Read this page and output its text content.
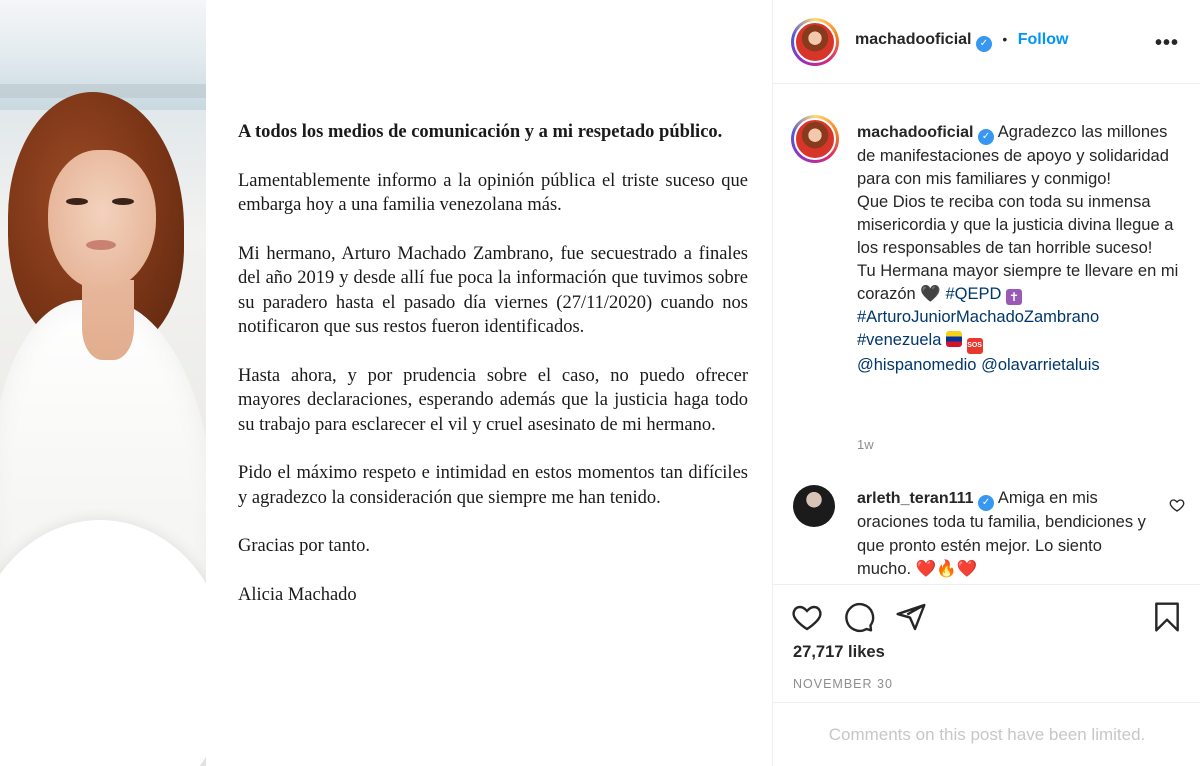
A todos los medios de comunicación y a mi respetado público.

Lamentablemente informo a la opinión pública el triste suceso que embarga hoy a una familia venezolana más.

Mi hermano, Arturo Machado Zambrano, fue secuestrado a finales del año 2019 y desde allí fue poca la información que tuvimos sobre su paradero hasta el pasado día viernes (27/11/2020) cuando nos notificaron que sus restos fueron identificados.

Hasta ahora, y por prudencia sobre el caso, no puedo ofrecer mayores declaraciones, esperando además que la justicia haga todo su trabajo para esclarecer el vil y cruel asesinato de mi hermano.

Pido el máximo respeto e intimidad en estos momentos tan difíciles y agradezco la consideración que siempre me han tenido.

Gracias por tanto.

Alicia Machado

machadooficial ✓ • Follow	•••
machadooficial ✓ Agradezco las millones de manifestaciones de apoyo y solidaridad para con mis familiares y conmigo!
Que Dios te reciba con toda su inmensa misericordia y que la justicia divina llegue a los responsables de tan horrible suceso!
Tu Hermana mayor siempre te llevare en mi corazón 🖤 #QEPD ✝
#ArturoJuniorMachadoZambrano
#venezuela	SOS
@hispanomedio @olavarrietaluis
1w
arleth_teran111 ✓ Amiga en mis oraciones toda tu familia, bendiciones y que pronto estén mejor. Lo siento mucho. ❤️🔥❤️
27,717 likes
NOVEMBER 30
Comments on this post have been limited.
